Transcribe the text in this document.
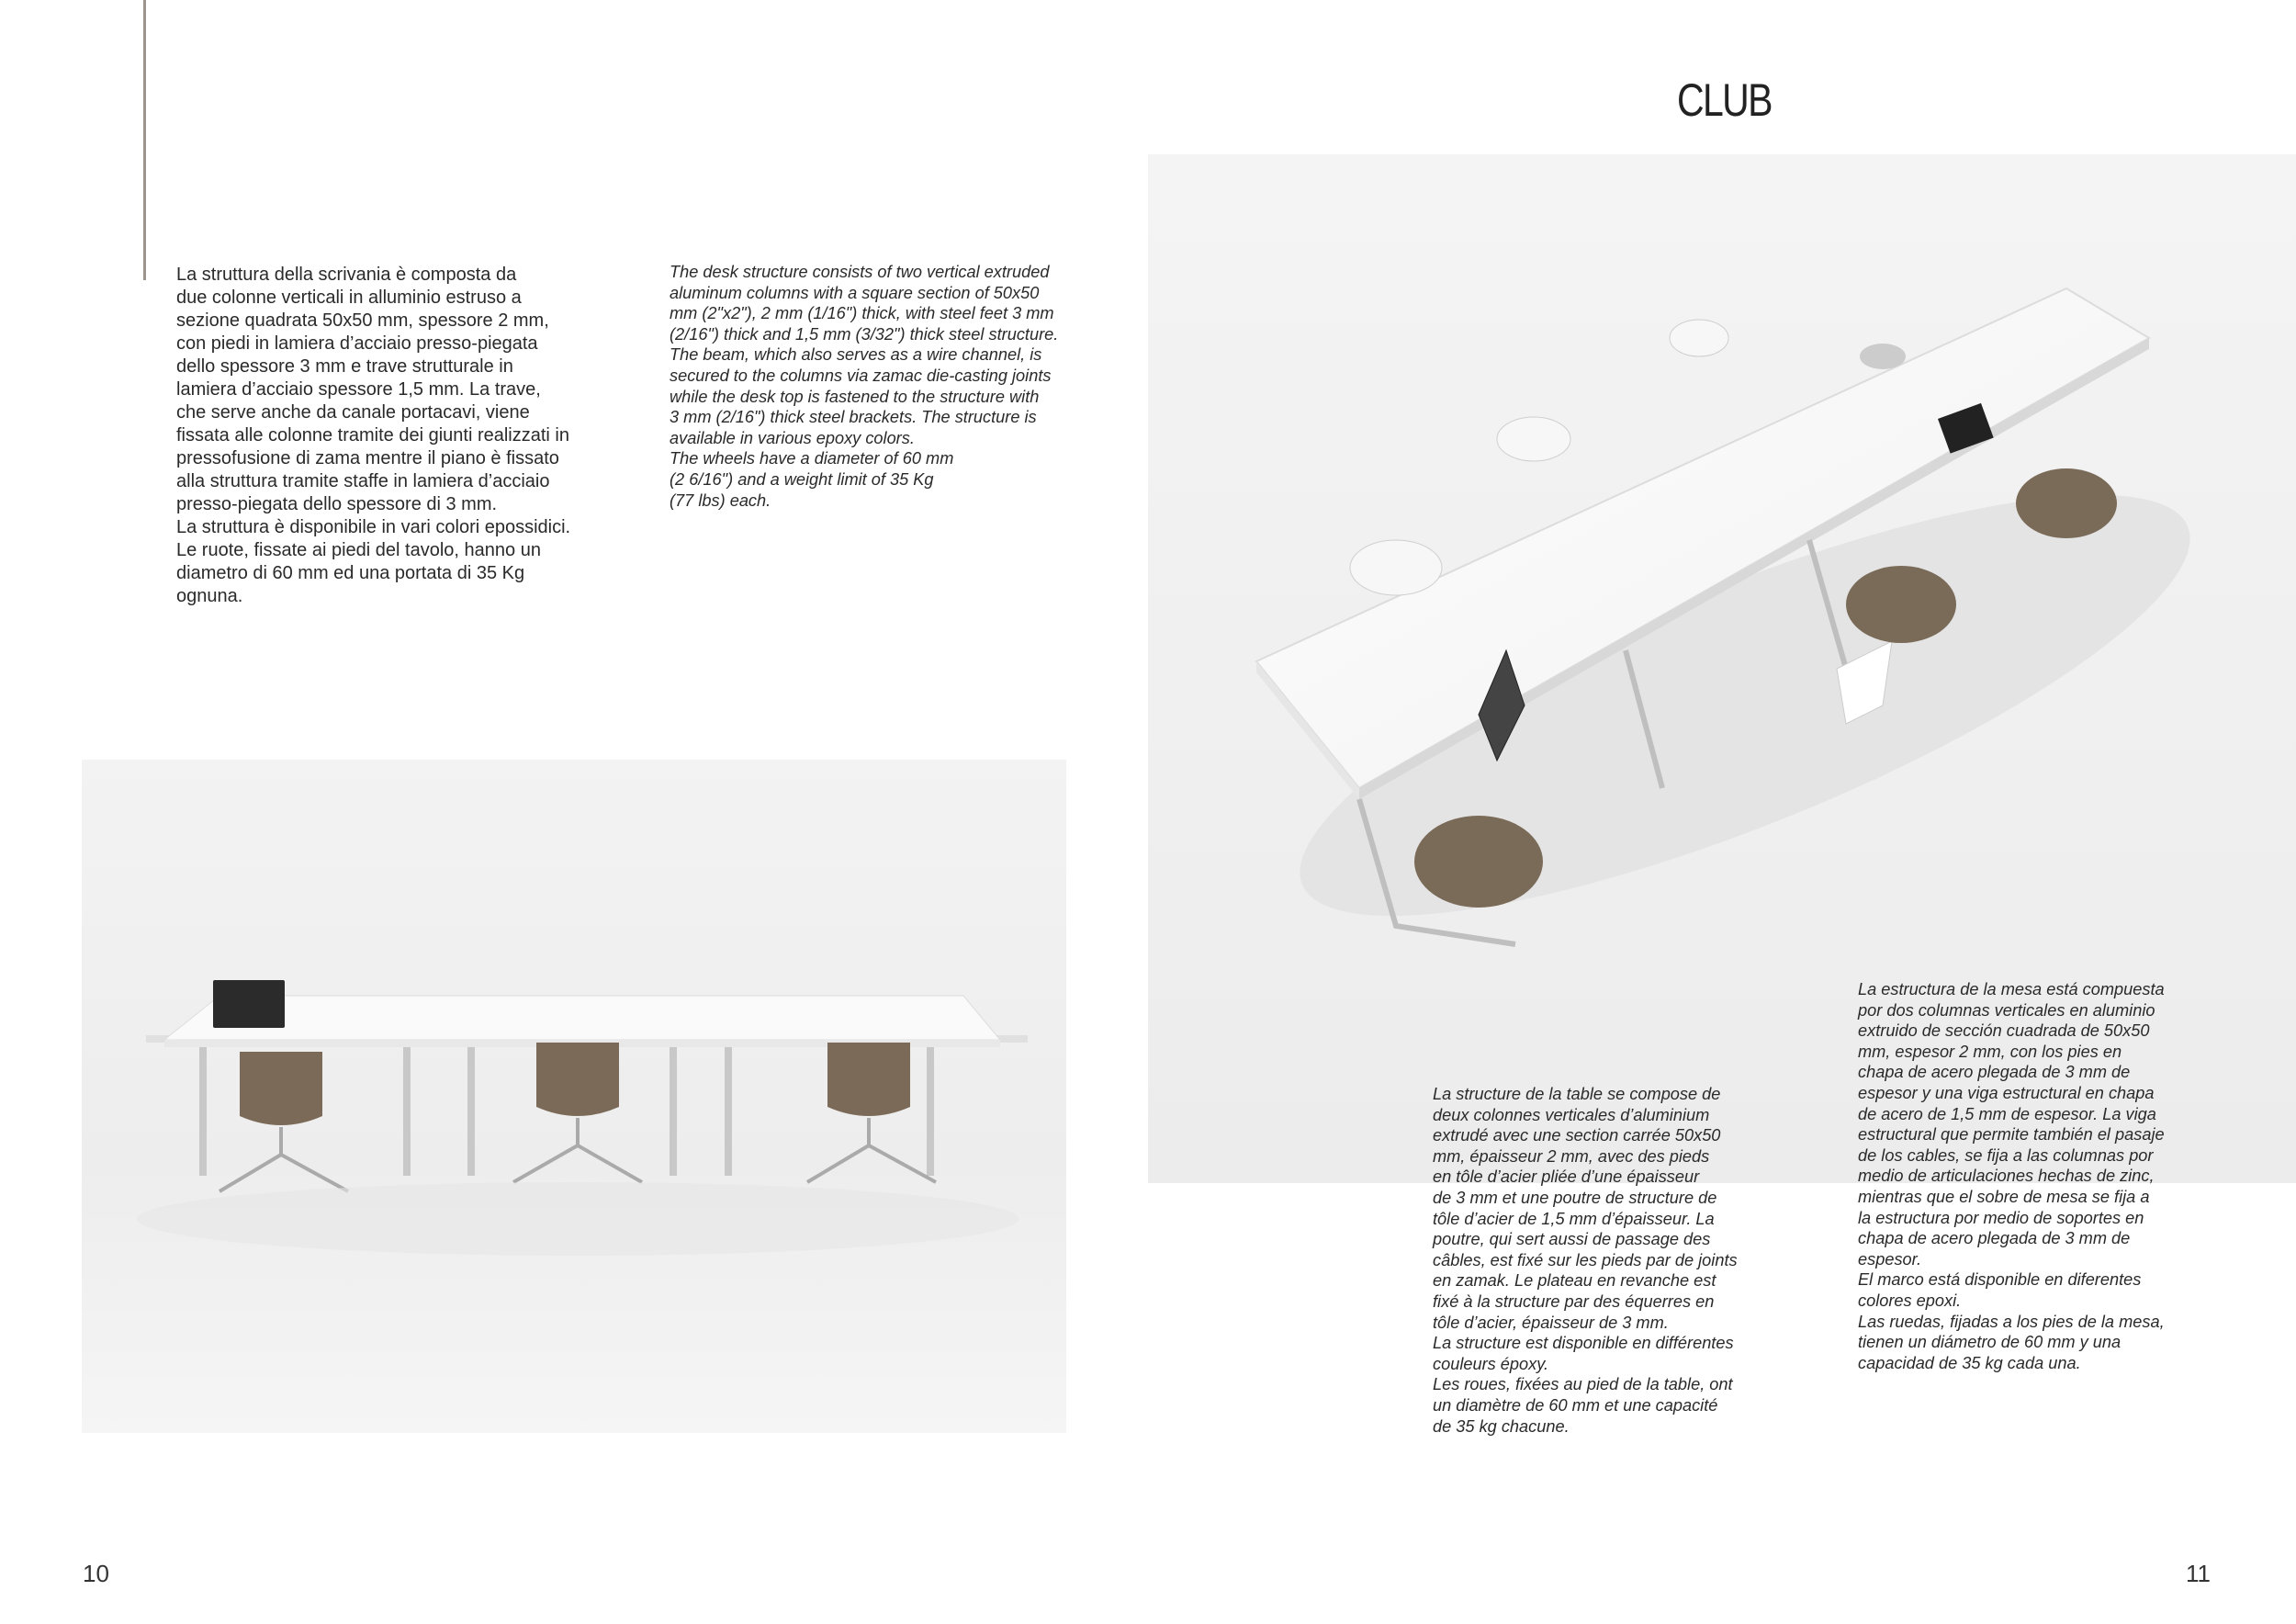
CLUB

La struttura della scrivania è composta da
due colonne verticali in alluminio estruso a
sezione quadrata 50x50 mm, spessore 2 mm,
con piedi in lamiera d’acciaio presso-piegata
dello spessore 3 mm e trave strutturale in
lamiera d’acciaio spessore 1,5 mm. La trave,
che serve anche da canale portacavi, viene
fissata alle colonne tramite dei giunti realizzati in
pressofusione di zama mentre il piano è fissato
alla struttura tramite staffe in lamiera d’acciaio
presso-piegata dello spessore di 3 mm.
La struttura è disponibile in vari colori epossidici.
Le ruote, fissate ai piedi del tavolo, hanno un
diametro di 60 mm ed una portata di 35 Kg
ognuna.

The desk structure consists of two vertical extruded
aluminum columns with a square section of 50x50
mm (2"x2"), 2 mm (1/16") thick, with steel feet 3 mm
(2/16") thick and 1,5 mm (3/32") thick steel structure.
The beam, which also serves as a wire channel, is
secured to the columns via zamac die-casting joints
while the desk top is fastened to the structure with
3 mm (2/16") thick steel brackets. The structure is
available in various epoxy colors.
The wheels have a diameter of 60 mm
(2 6/16") and a weight limit of 35 Kg
(77 lbs) each.

La structure de la table se compose de
deux colonnes verticales d’aluminium
extrudé avec une section carrée 50x50
mm, épaisseur 2 mm, avec des pieds
en tôle d’acier pliée d’une épaisseur
de 3 mm et une poutre de structure de
tôle d’acier de 1,5 mm d’épaisseur. La
poutre, qui sert aussi de passage des
câbles, est fixé sur les pieds par de joints
en zamak. Le plateau en revanche est
fixé à la structure par des équerres en
tôle d’acier, épaisseur de 3 mm.
La structure est disponible en différentes
couleurs époxy.
Les roues, fixées au pied de la table, ont
un diamètre de 60 mm et une capacité
de 35 kg chacune.

La estructura de la mesa está compuesta
por dos columnas verticales en aluminio
extruido de sección cuadrada de 50x50
mm, espesor 2 mm, con los pies en
chapa de acero plegada de 3 mm de
espesor y una viga estructural en chapa
de acero de 1,5 mm de espesor. La viga
estructural que permite también el pasaje
de los cables, se fija a las columnas por
medio de articulaciones hechas de zinc,
mientras que el sobre de mesa se fija a
la estructura por medio de soportes en
chapa de acero plegada de 3 mm de
espesor.
El marco está disponible en diferentes
colores epoxi.
Las ruedas, fijadas a los pies de la mesa,
tienen un diámetro de 60 mm y una
capacidad de 35 kg cada una.

10	11
